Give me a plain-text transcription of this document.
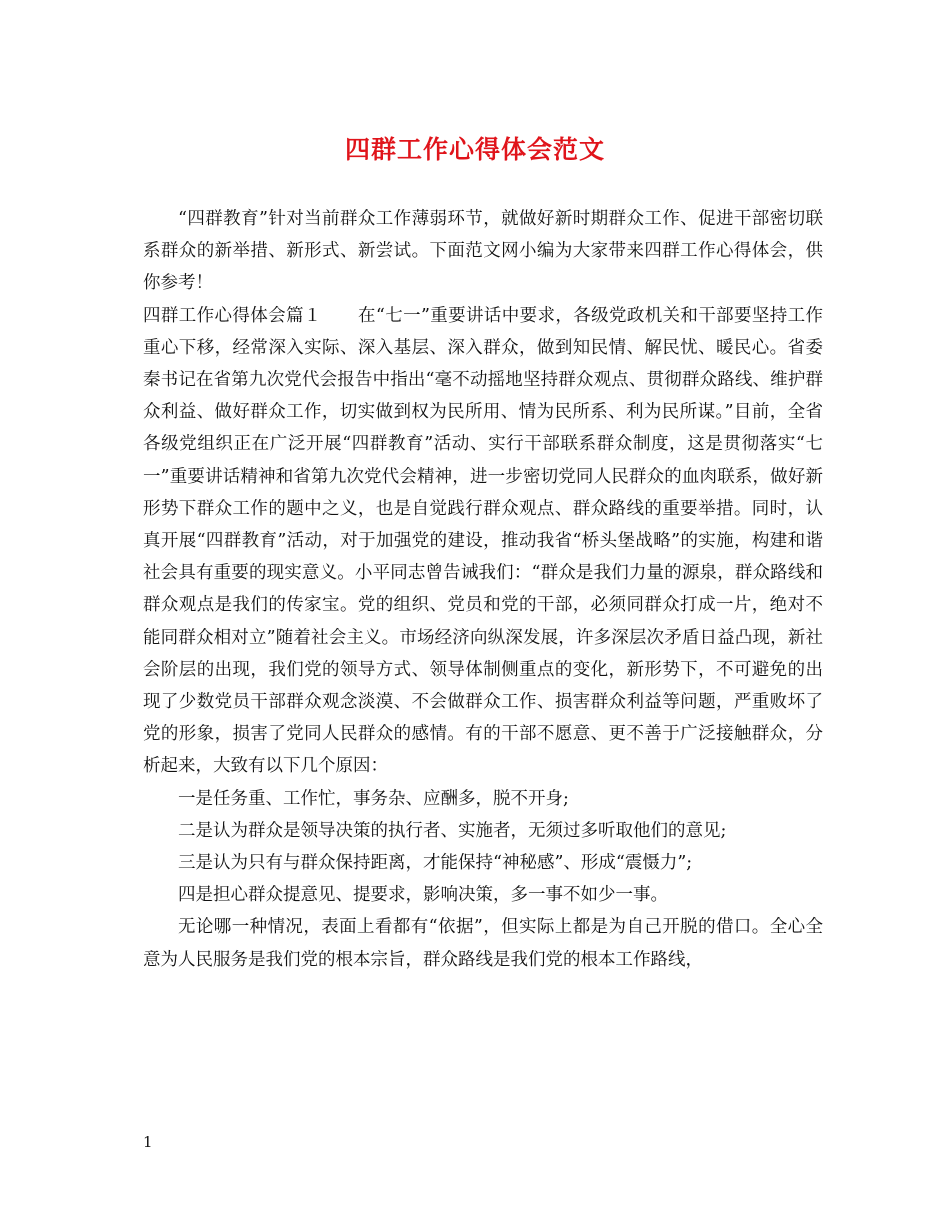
四群工作心得体会范文

“四群教育”针对当前群众工作薄弱环节，就做好新时期群众工作、促进干部密切联系群众的新举措、新形式、新尝试。下面范文网小编为大家带来四群工作心得体会，供你参考！

四群工作心得体会篇１ 在“七一”重要讲话中要求，各级党政机关和干部要坚持工作重心下移，经常深入实际、深入基层、深入群众，做到知民情、解民忧、暖民心。省委秦书记在省第九次党代会报告中指出“毫不动摇地坚持群众观点、贯彻群众路线、维护群众利益、做好群众工作，切实做到权为民所用、情为民所系、利为民所谋。”目前，全省各级党组织正在广泛开展“四群教育”活动、实行干部联系群众制度，这是贯彻落实“七一”重要讲话精神和省第九次党代会精神，进一步密切党同人民群众的血肉联系，做好新形势下群众工作的题中之义，也是自觉践行群众观点、群众路线的重要举措。同时，认真开展“四群教育”活动，对于加强党的建设，推动我省“桥头堡战略”的实施，构建和谐社会具有重要的现实意义。小平同志曾告诫我们：“群众是我们力量的源泉，群众路线和群众观点是我们的传家宝。党的组织、党员和党的干部，必须同群众打成一片，绝对不能同群众相对立”随着社会主义。市场经济向纵深发展，许多深层次矛盾日益凸现，新社会阶层的出现，我们党的领导方式、领导体制侧重点的变化，新形势下，不可避免的出现了少数党员干部群众观念淡漠、不会做群众工作、损害群众利益等问题，严重败坏了党的形象，损害了党同人民群众的感情。有的干部不愿意、更不善于广泛接触群众，分析起来，大致有以下几个原因：

一是任务重、工作忙，事务杂、应酬多，脱不开身;

二是认为群众是领导决策的执行者、实施者，无须过多听取他们的意见;

三是认为只有与群众保持距离，才能保持“神秘感”、形成“震慑力”;

四是担心群众提意见、提要求，影响决策，多一事不如少一事。

无论哪一种情况，表面上看都有“依据”，但实际上都是为自己开脱的借口。全心全意为人民服务是我们党的根本宗旨，群众路线是我们党的根本工作路线，

1
